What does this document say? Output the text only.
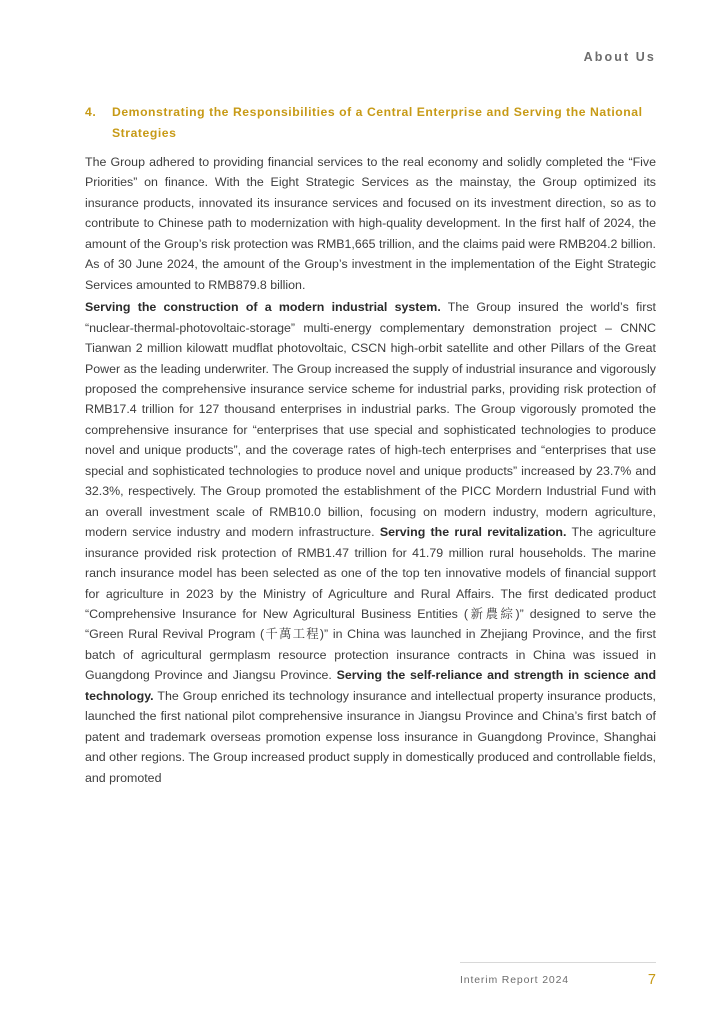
About Us
4.	Demonstrating the Responsibilities of a Central Enterprise and Serving the National Strategies

The Group adhered to providing financial services to the real economy and solidly completed the “Five Priorities” on finance. With the Eight Strategic Services as the mainstay, the Group optimized its insurance products, innovated its insurance services and focused on its investment direction, so as to contribute to Chinese path to modernization with high-quality development. In the first half of 2024, the amount of the Group’s risk protection was RMB1,665 trillion, and the claims paid were RMB204.2 billion. As of 30 June 2024, the amount of the Group’s investment in the implementation of the Eight Strategic Services amounted to RMB879.8 billion.

Serving the construction of a modern industrial system. The Group insured the world’s first “nuclear-thermal-photovoltaic-storage” multi-energy complementary demonstration project – CNNC Tianwan 2 million kilowatt mudflat photovoltaic, CSCN high-orbit satellite and other Pillars of the Great Power as the leading underwriter. The Group increased the supply of industrial insurance and vigorously proposed the comprehensive insurance service scheme for industrial parks, providing risk protection of RMB17.4 trillion for 127 thousand enterprises in industrial parks. The Group vigorously promoted the comprehensive insurance for “enterprises that use special and sophisticated technologies to produce novel and unique products”, and the coverage rates of high-tech enterprises and “enterprises that use special and sophisticated technologies to produce novel and unique products” increased by 23.7% and 32.3%, respectively. The Group promoted the establishment of the PICC Mordern Industrial Fund with an overall investment scale of RMB10.0 billion, focusing on modern industry, modern agriculture, modern service industry and modern infrastructure. Serving the rural revitalization. The agriculture insurance provided risk protection of RMB1.47 trillion for 41.79 million rural households. The marine ranch insurance model has been selected as one of the top ten innovative models of financial support for agriculture in 2023 by the Ministry of Agriculture and Rural Affairs. The first dedicated product “Comprehensive Insurance for New Agricultural Business Entities (新農綜)” designed to serve the “Green Rural Revival Program (千萬工程)” in China was launched in Zhejiang Province, and the first batch of agricultural germplasm resource protection insurance contracts in China was issued in Guangdong Province and Jiangsu Province. Serving the self-reliance and strength in science and technology. The Group enriched its technology insurance and intellectual property insurance products, launched the first national pilot comprehensive insurance in Jiangsu Province and China’s first batch of patent and trademark overseas promotion expense loss insurance in Guangdong Province, Shanghai and other regions. The Group increased product supply in domestically produced and controllable fields, and promoted

Interim Report 2024	7
